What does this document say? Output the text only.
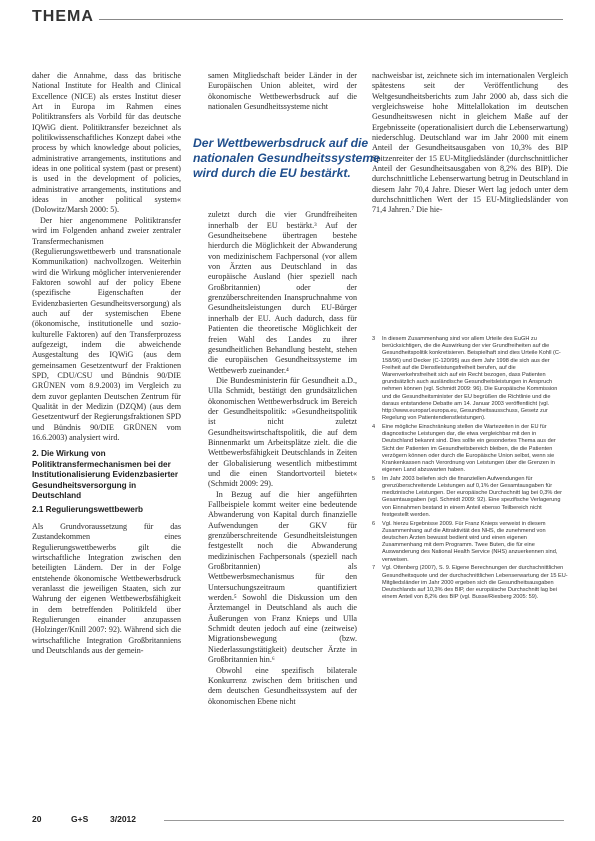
THEMA

daher die Annahme, dass das britische National Institute for Health and Clinical Excellence (NICE) als erstes Institut dieser Art in Europa im Rahmen eines Politiktransfers als Vorbild für das deutsche IQWiG dient. Politiktransfer bezeichnet als politikwissenschaftliches Konzept dabei »the process by which knowledge about policies, administrative arrangements, institutions and ideas in one political system (past or present) is used in the development of policies, administrative arrangements, institutions and ideas in another political system« (Dolowitz/Marsh 2000: 5).

Der hier angenommene Politiktransfer wird im Folgenden anhand zweier zentraler Transfermechanismen (Regulierungswettbewerb und transnationale Kommunikation) nachvollzogen. Weiterhin wird die Wirkung möglicher intervenierender Faktoren sowohl auf der policy Ebene (spezifische Eigenschaften der Evidenzbasierten Gesundheitsversorgung) als auch auf der systemischen Ebene (ökonomische, institutionelle und sozio-kulturelle Faktoren) auf den Transferprozess aufgezeigt, indem die abweichende Ausgestaltung des IQWiG (aus dem gemeinsamen Gesetzentwurf der Fraktionen SPD, CDU/CSU und Bündnis 90/DIE GRÜNEN vom 8.9.2003) im Vergleich zu dem zuvor geplanten Deutschen Zentrum für Qualität in der Medizin (DZQM) (aus dem Gesetzentwurf der Regierungsfraktionen SPD und Bündnis 90/DIE GRÜNEN vom 16.6.2003) analysiert wird.

2. Die Wirkung von Politiktransfermechanismen bei der Institutionalisierung Evidenzbasierter Gesundheitsversorgung in Deutschland
2.1 Regulierungswettbewerb

Als Grundvoraussetzung für das Zustandekommen eines Regulierungswettbewerbs gilt die wirtschaftliche Integration zwischen den beteiligten Ländern. Der in der Folge entstehende ökonomische Wettbewerbsdruck veranlasst die jeweiligen Staaten, sich zur Wahrung der eigenen Wettbewerbsfähigkeit in dem betreffenden Politikfeld über Regulierungen einander anzupassen (Holzinger/Knill 2007: 92). Während sich die wirtschaftliche Integration Großbritanniens und Deutschlands aus der gemein-

samen Mitgliedschaft beider Länder in der Europäischen Union ableitet, wird der ökonomische Wettbewerbsdruck auf die nationalen Gesundheitssysteme nicht

zuletzt durch die vier Grundfreiheiten innerhalb der EU bestärkt.³ Auf der Gesundheitsebene übertragen bestehe hierdurch die Möglichkeit der Abwanderung von medizinischem Fachpersonal (vor allem von Ärzten aus Deutschland in das europäische Ausland (hier speziell nach Großbritannien) oder der grenzüberschreitenden Inanspruchnahme von Gesundheitsleistungen durch EU-Bürger innerhalb der EU. Auch dadurch, dass für Patienten die theoretische Möglichkeit der freien Wahl des Landes zu ihrer gesundheitlichen Behandlung besteht, stehen die europäischen Gesundheitssysteme im Wettbewerb zueinander.⁴

Die Bundesministerin für Gesundheit a.D., Ulla Schmidt, bestätigt den grundsätzlichen ökonomischen Wettbewerbsdruck im Bereich der Gesundheitspolitik: »Gesundheitspolitik ist nicht zuletzt Gesundheitswirtschaftspolitik, die auf dem Binnenmarkt um Arbeitsplätze zielt. die die Wettbewerbsfähigkeit Deutschlands in Zeiten der Globalisierung wesentlich mitbestimmt und die einen Standortvorteil bietet« (Schmidt 2009: 29).

In Bezug auf die hier angeführten Fallbeispiele kommt weiter eine bedeutende Abwanderung von Kapital durch finanzielle Aufwendungen der GKV für grenzüberschreitende Gesundheitsleistungen festgestellt noch die Abwanderung medizinischen Fachpersonals (speziell nach Großbritannien) als Wettbewerbsmechanismus für den Untersuchungszeitraum quantifiziert werden.⁵ Sowohl die Diskussion um den Ärztemangel in Deutschland als auch die Äußerungen von Franz Knieps und Ulla Schmidt deuten jedoch auf eine (zeitweise) Migrationsbewegung (bzw. Niederlassungstätigkeit) deutscher Ärzte in Großbritannien hin.⁶

Obwohl eine spezifisch bilaterale Konkurrenz zwischen dem britischen und dem deutschen Gesundheitssystem auf der ökonomischen Ebene nicht

nachweisbar ist, zeichnete sich im internationalen Vergleich spätestens seit der Veröffentlichung des Weltgesundheitsberichts zum Jahr 2000 ab, dass sich die vergleichsweise hohe Mittelallokation im deutschen Gesundheitswesen nicht in gleichem Maße auf der Ergebnisseite (operationalisiert durch die Lebenserwartung) niederschlug. Deutschland war im Jahr 2000 mit einem Anteil der Gesundheitsausgaben von 10,3% des BIP Spitzenreiter der 15 EU-Mitgliedsländer (durchschnittlicher Anteil der Gesundheitsausgaben von 8,2% des BIP). Die durchschnittliche Lebenserwartung betrug in Deutschland in diesem Jahr 70,4 Jahre. Dieser Wert lag jedoch unter dem durchschnittlichen Wert der 15 EU-Mitgliedsländer von 71,4 Jahren.⁷ Die hie-

Der Wettbewerbsdruck auf die nationalen Gesundheitssysteme wird durch die EU bestärkt.
3	In diesem Zusammenhang sind vor allem Urteile des EuGH zu berücksichtigen, die die Auswirkung der vier Grundfreiheiten auf die Gesundheitspolitik konkretisieren. Beispielhaft sind dies Urteile Kohll (C-158/96) und Decker (C-120/95) aus dem Jahr 1998 die sich aus der Freiheit auf die Dienstleistungsfreiheit berufen, auf die Warenverkehrsfreiheit sich auf ein Recht bezogen, dass Patienten grundsätzlich auch ausländische Gesundheitsleistungen in Anspruch nehmen können (vgl. Schmidt 2009: 96). Die Europäische Kommission und die Gesundheitsminister der EU begrüßen die Richtlinie und die daraus entstandene Debatte am 14. Januar 2003 veröffentlicht (vgl. http://www.europarl.europa.eu, Gesundheitsausschuss, Gesetz zur Regelung von Patientendienstleistungen).
4	Eine mögliche Einschränkung stellen die Wartezeiten in der EU für diagnostische Leistungen dar, die etwa vergleichbar mit den in Deutschland bekannt sind. Dies sollte ein gesondertes Thema aus der Sicht der Patienten im Gesundheitsbereich bleiben, die die Patienten verzögern können oder durch die Europäische Union selbst, wenn sie Krankenkassen nach Verordnung von Leistungen über die Grenzen in eigenen Land abzuwarten haben.
5	Im Jahr 2003 beliefen sich die finanziellen Aufwendungen für grenzüberschreitende Leistungen auf 0,1% der Gesamtausgaben für medizinische Leistungen. Der europäische Durchschnitt lag bei 0,3% der Gesamtausgaben (vgl. Schmidt 2009: 92). Eine spezifische Verlagerung von Einnahmen bestand in einem Anteil ebenso Teilbereich nicht festgestellt werden.
6	Vgl. hierzu Ergebnisse 2009. Für Franz Knieps verweist in diesem Zusammenhang auf die Attraktivität des NHS, die zunehmend von deutschen Ärzten bewusst bedient wird und einen eigenen Zusammenhang mit dem Programm. Twee Buten, die für eine Auswanderung des National Health Service (NHS) anzuerkennen sind, verweisen.
7	Vgl. Ottenberg (2007), S. 9. Eigene Berechnungen der durchschnittlichen Gesundheitsquote und der durchschnittlichen Lebenserwartung der 15 EU-Mitgliedsländer im Jahr 2000 ergeben sich die Gesundheitsausgaben Deutschlands auf 10,3% des BIP, der europäische Durchschnitt lag bei einem Anteil von 8,2% des BIP (vgl. Busse/Riesberg 2005: 59).
20	G+S	3/2012
